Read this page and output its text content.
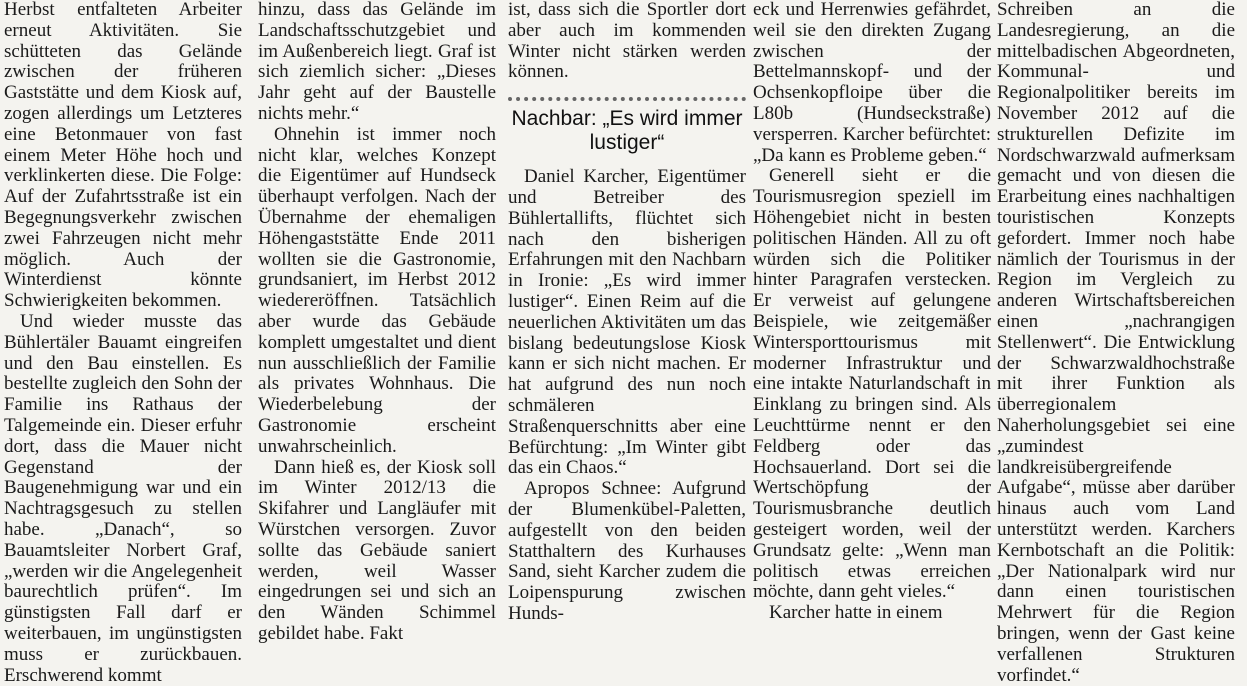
Herbst entfalteten Arbeiter erneut Aktivitäten. Sie schütteten das Gelände zwischen der früheren Gaststätte und dem Kiosk auf, zogen allerdings um Letzteres eine Betonmauer von fast einem Meter Höhe hoch und verklinkerten diese. Die Folge: Auf der Zufahrtsstraße ist ein Begegnungsverkehr zwischen zwei Fahrzeugen nicht mehr möglich. Auch der Winterdienst könnte Schwierigkeiten bekommen.

Und wieder musste das Bühlertäler Bauamt eingreifen und den Bau einstellen. Es bestellte zugleich den Sohn der Familie ins Rathaus der Talgemeinde ein. Dieser erfuhr dort, dass die Mauer nicht Gegenstand der Baugenehmigung war und ein Nachtragsgesuch zu stellen habe. „Danach“, so Bauamtsleiter Norbert Graf, „werden wir die Angelegenheit baurechtlich prüfen“. Im günstigsten Fall darf er weiterbauen, im ungünstigsten muss er zurückbauen. Erschwerend kommt

hinzu, dass das Gelände im Landschaftsschutzgebiet und im Außenbereich liegt. Graf ist sich ziemlich sicher: „Dieses Jahr geht auf der Baustelle nichts mehr.“

Ohnehin ist immer noch nicht klar, welches Konzept die Eigentümer auf Hundseck überhaupt verfolgen. Nach der Übernahme der ehemaligen Höhengaststätte Ende 2011 wollten sie die Gastronomie, grundsaniert, im Herbst 2012 wiedereröffnen. Tatsächlich aber wurde das Gebäude komplett umgestaltet und dient nun ausschließlich der Familie als privates Wohnhaus. Die Wiederbelebung der Gastronomie erscheint unwahrscheinlich.

Dann hieß es, der Kiosk soll im Winter 2012/13 die Skifahrer und Langläufer mit Würstchen versorgen. Zuvor sollte das Gebäude saniert werden, weil Wasser eingedrungen sei und sich an den Wänden Schimmel gebildet habe. Fakt

ist, dass sich die Sportler dort aber auch im kommenden Winter nicht stärken werden können.

Nachbar: „Es wird immer lustiger“

Daniel Karcher, Eigentümer und Betreiber des Bühlertallifts, flüchtet sich nach den bisherigen Erfahrungen mit den Nachbarn in Ironie: „Es wird immer lustiger“. Einen Reim auf die neuerlichen Aktivitäten um das bislang bedeutungslose Kiosk kann er sich nicht machen. Er hat aufgrund des nun noch schmäleren Straßenquerschnitts aber eine Befürchtung: „Im Winter gibt das ein Chaos.“

Apropos Schnee: Aufgrund der Blumenkübel-Paletten, aufgestellt von den beiden Statthaltern des Kurhauses Sand, sieht Karcher zudem die Loipenspurung zwischen Hunds-

eck und Herrenwies gefährdet, weil sie den direkten Zugang zwischen der Bettelmannskopf- und der Ochsenkopfloipe über die L80b (Hundseckstraße) versperren. Karcher befürchtet: „Da kann es Probleme geben.“

Generell sieht er die Tourismusregion speziell im Höhengebiet nicht in besten politischen Händen. All zu oft würden sich die Politiker hinter Paragrafen verstecken. Er verweist auf gelungene Beispiele, wie zeitgemäßer Wintersporttourismus mit moderner Infrastruktur und eine intakte Naturlandschaft in Einklang zu bringen sind. Als Leuchttürme nennt er den Feldberg oder das Hochsauerland. Dort sei die Wertschöpfung der Tourismusbranche deutlich gesteigert worden, weil der Grundsatz gelte: „Wenn man politisch etwas erreichen möchte, dann geht vieles.“

Karcher hatte in einem

Schreiben an die Landesregierung, an die mittelbadischen Abgeordneten, Kommunal- und Regionalpolitiker bereits im November 2012 auf die strukturellen Defizite im Nordschwarzwald aufmerksam gemacht und von diesen die Erarbeitung eines nachhaltigen touristischen Konzepts gefordert. Immer noch habe nämlich der Tourismus in der Region im Vergleich zu anderen Wirtschaftsbereichen einen „nachrangigen Stellenwert“. Die Entwicklung der Schwarzwaldhochstraße mit ihrer Funktion als überregionalem Naherholungsgebiet sei eine „zumindest landkreisübergreifende Aufgabe“, müsse aber darüber hinaus auch vom Land unterstützt werden. Karchers Kernbotschaft an die Politik: „Der Nationalpark wird nur dann einen touristischen Mehrwert für die Region bringen, wenn der Gast keine verfallenen Strukturen vorfindet.“
